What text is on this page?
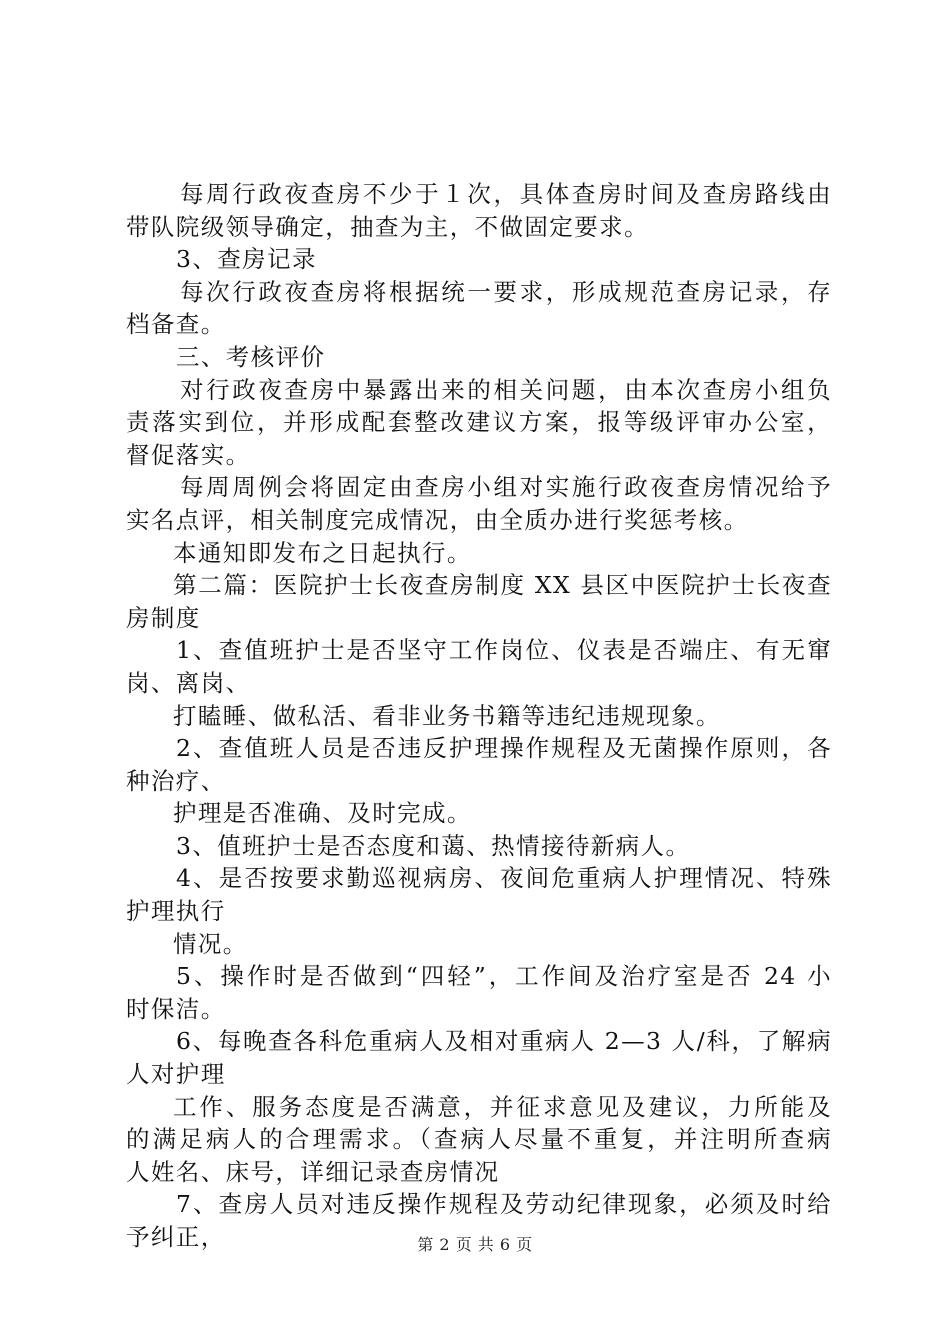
每周行政夜查房不少于１次，具体查房时间及查房路线由
带队院级领导确定，抽查为主，不做固定要求。
3、查房记录
每次行政夜查房将根据统一要求，形成规范查房记录，存
档备查。
三、考核评价
对行政夜查房中暴露出来的相关问题，由本次查房小组负
责落实到位，并形成配套整改建议方案，报等级评审办公室，
督促落实。
每周周例会将固定由查房小组对实施行政夜查房情况给予
实名点评，相关制度完成情况，由全质办进行奖惩考核。
本通知即发布之日起执行。
第二篇：医院护士长夜查房制度 XX 县区中医院护士长夜查
房制度
1、查值班护士是否坚守工作岗位、仪表是否端庄、有无窜
岗、离岗、
打瞌睡、做私活、看非业务书籍等违纪违规现象。
2、查值班人员是否违反护理操作规程及无菌操作原则，各
种治疗、
护理是否准确、及时完成。
3、值班护士是否态度和蔼、热情接待新病人。
4、是否按要求勤巡视病房、夜间危重病人护理情况、特殊
护理执行
情况。
5、操作时是否做到“四轻”，工作间及治疗室是否 24 小
时保洁。
6、每晚查各科危重病人及相对重病人 2—3 人/科，了解病
人对护理
工作、服务态度是否满意，并征求意见及建议，力所能及
的满足病人的合理需求。（查病人尽量不重复，并注明所查病
人姓名、床号，详细记录查房情况
7、查房人员对违反操作规程及劳动纪律现象，必须及时给
予纠正，	第 2 页 共 6 页
